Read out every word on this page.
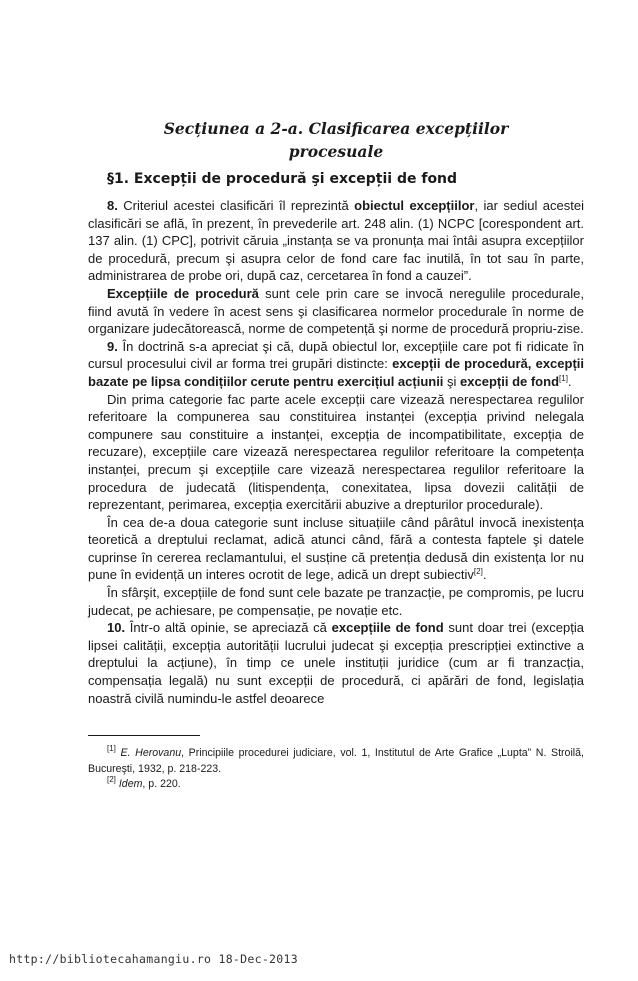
Secțiunea a 2-a. Clasificarea excepțiilor
procesuale
§1. Excepții de procedură şi excepții de fond

8. Criteriul acestei clasificări îl reprezintă obiectul excepțiilor, iar sediul acestei clasificări se află, în prezent, în prevederile art. 248 alin. (1) NCPC [corespondent art. 137 alin. (1) CPC], potrivit căruia „instanța se va pronunța mai întâi asupra excepțiilor de procedură, precum şi asupra celor de fond care fac inutilă, în tot sau în parte, administrarea de probe ori, după caz, cercetarea în fond a cauzei”.

Excepțiile de procedură sunt cele prin care se invocă neregulile procedurale, fiind avută în vedere în acest sens şi clasificarea normelor procedurale în norme de organizare judecătorească, norme de competență şi norme de procedură propriu-zise.

9. În doctrină s-a apreciat şi că, după obiectul lor, excepțiile care pot fi ridicate în cursul procesului civil ar forma trei grupări distincte: excepții de procedură, excepții bazate pe lipsa condițiilor cerute pentru exercițiul acțiunii şi excepții de fond[1].

Din prima categorie fac parte acele excepții care vizează nerespectarea regulilor referitoare la compunerea sau constituirea instanței (excepția privind nelegala compunere sau constituire a instanței, excepția de incompatibilitate, excepția de recuzare), excepțiile care vizează nerespectarea regulilor referitoare la competența instanței, precum şi excepțiile care vizează nerespectarea regulilor referitoare la procedura de judecată (litispendența, conexitatea, lipsa dovezii calității de reprezentant, perimarea, excepția exercitării abuzive a drepturilor procedurale).

În cea de-a doua categorie sunt incluse situațiile când pârâtul invocă inexistența teoretică a dreptului reclamat, adică atunci când, fără a contesta faptele şi datele cuprinse în cererea reclamantului, el susține că pretenția dedusă din existența lor nu pune în evidență un interes ocrotit de lege, adică un drept subiectiv[2].

În sfârşit, excepțiile de fond sunt cele bazate pe tranzacție, pe compromis, pe lucru judecat, pe achiesare, pe compensație, pe novație etc.

10. Într-o altă opinie, se apreciază că excepțiile de fond sunt doar trei (excepția lipsei calității, excepția autorității lucrului judecat şi excepția prescripției extinctive a dreptului la acțiune), în timp ce unele instituții juridice (cum ar fi tranzacția, compensația legală) nu sunt excepții de procedură, ci apărări de fond, legislația noastră civilă numindu-le astfel deoarece

[1] E. Herovanu, Principiile procedurei judiciare, vol. 1, Institutul de Arte Grafice „Lupta” N. Stroilă, Bucureşti, 1932, p. 218-223.
[2] Idem, p. 220.
http://bibliotecahamangiu.ro 18-Dec-2013
